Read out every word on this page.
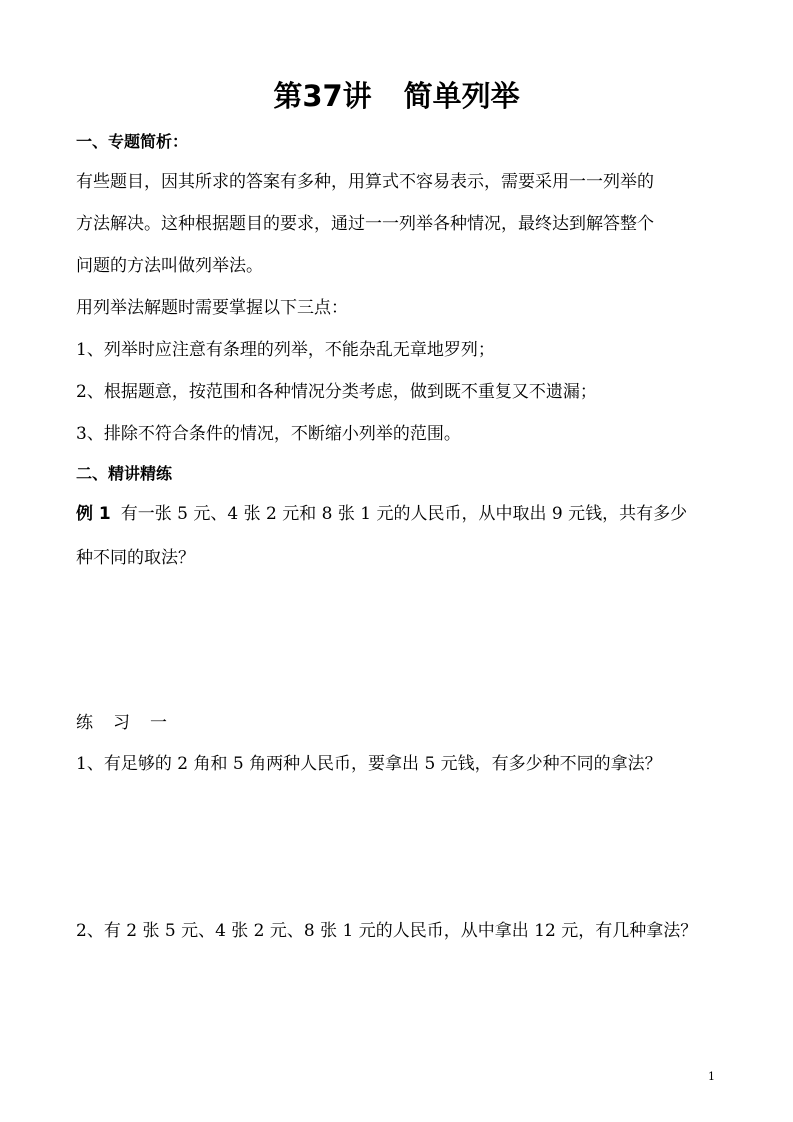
第37讲 简单列举
一、专题简析：
有些题目，因其所求的答案有多种，用算式不容易表示，需要采用一一列举的
方法解决。这种根据题目的要求，通过一一列举各种情况，最终达到解答整个
问题的方法叫做列举法。
用列举法解题时需要掌握以下三点：
1、列举时应注意有条理的列举，不能杂乱无章地罗列；
2、根据题意，按范围和各种情况分类考虑，做到既不重复又不遗漏；
3、排除不符合条件的情况，不断缩小列举的范围。
二、精讲精练
例 1 有一张 5 元、4 张 2 元和 8 张 1 元的人民币，从中取出 9 元钱，共有多少
种不同的取法？
练习一
1、有足够的 2 角和 5 角两种人民币，要拿出 5 元钱，有多少种不同的拿法？
2、有 2 张 5 元、4 张 2 元、8 张 1 元的人民币，从中拿出 12 元，有几种拿法？
1
